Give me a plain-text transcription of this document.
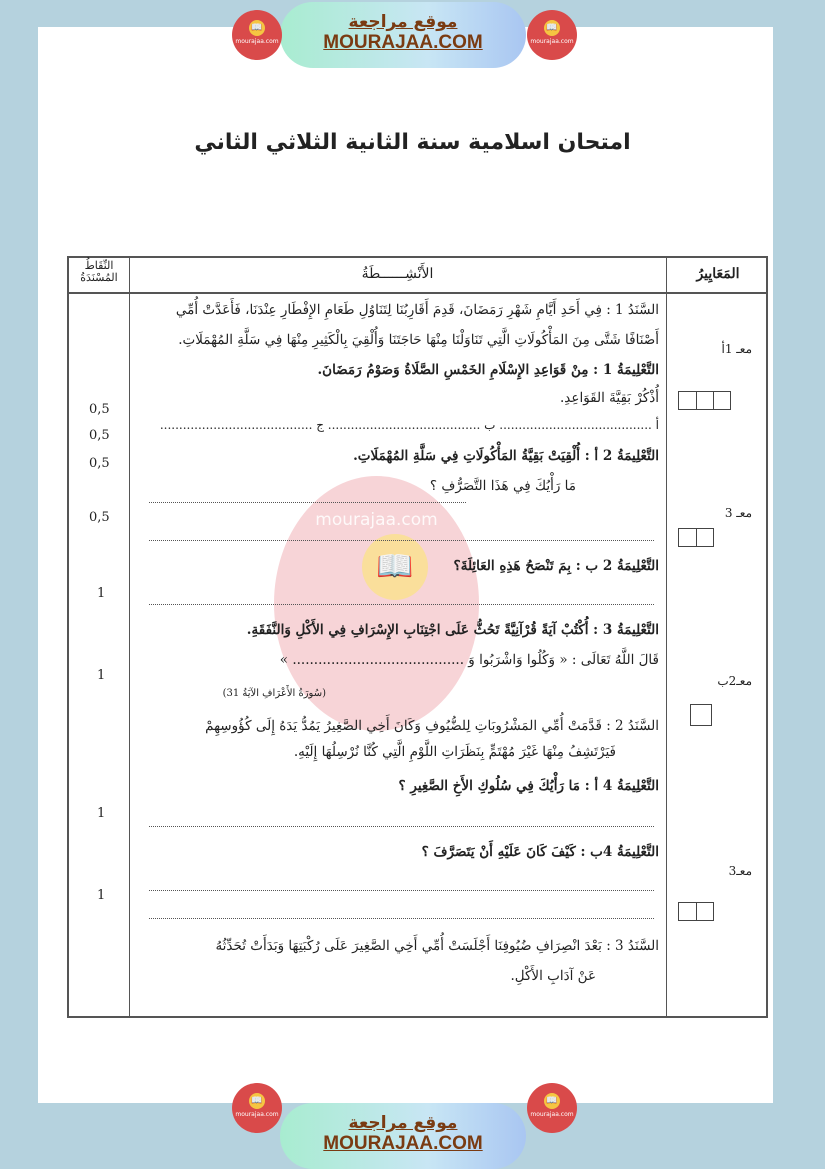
موقع مراجعة
MOURAJAA.COM
📖
mourajaa.com
📖
mourajaa.com
امتحان اسلامية سنة الثانية الثلاثي الثاني
📖
mourajaa.com
النِّقَاطُ المُسْنَدَةُ	الأَنْشِــــــطَةُ	المَعَايِيرُ
السَّنَدُ 1 : فِي أَحَدِ أَيَّامِ شَهْرِ رَمَضَانَ، قَدِمَ أَقَارِبُنَا لِتَنَاوُلِ طَعَامِ الإِفْطَارِ عِنْدَنَا، فَأَعَدَّتْ أُمِّي
أَصْنَافًا شَتَّى مِنَ المَأْكُولَاتِ الَّتِي تَنَاوَلْنَا مِنْهَا حَاجَتَنَا وَأُلْقِيَ بِالْكَثِيرِ مِنْهَا فِي سَلَّةِ المُهْمَلَاتِ.
التَّعْلِيمَةُ 1 : مِنْ قَوَاعِدِ الإِسْلَامِ الخَمْسِ الصَّلَاةُ وَصَوْمُ رَمَضَانَ.
أُذْكُرْ بَقِيَّةَ القَوَاعِدِ.
أ ........................................ ب ........................................ ج ........................................
التَّعْلِيمَةُ 2 أ : أُلْقِيَتْ بَقِيَّةُ المَأْكُولَاتِ فِي سَلَّةِ المُهْمَلَاتِ.
مَا رَأْيُكَ فِي هَذَا التَّصَرُّفِ ؟
التَّعْلِيمَةُ 2 ب : بِمَ تَنْصَحُ هَذِهِ العَائِلَةَ؟
التَّعْلِيمَةُ 3 : أُكْتُبْ آيَةً قُرْآنِيَّةً تَحُثُّ عَلَى اجْتِنَابِ الإِسْرَافِ فِي الأَكْلِ وَالنَّفَقَةِ.
قَالَ اللَّهُ تَعَالَى : « وَكُلُوا وَاشْرَبُوا وَ ........................................ »
(سُورَةُ الأَعْرَافِ الآيَةُ 31)
السَّنَدُ 2 : قَدَّمَتْ أُمِّي المَشْرُوبَاتِ لِلضُّيُوفِ وَكَانَ أَخِي الصَّغِيرُ يَمُدُّ يَدَهُ إِلَى كُؤُوسِهِمْ
فَيَرْتَشِفُ مِنْهَا غَيْرَ مُهْتَمٍّ بِنَظَرَاتِ اللَّوْمِ الَّتِي كُنَّا نُرْسِلُهَا إِلَيْهِ.
التَّعْلِيمَةُ 4 أ : مَا رَأْيُكَ فِي سُلُوكِ الأَخِ الصَّغِيرِ ؟
التَّعْلِيمَةُ 4ب : كَيْفَ كَانَ عَلَيْهِ أَنْ يَتَصَرَّفَ ؟
السَّنَدُ 3 : بَعْدَ انْصِرَافِ ضُيُوفِنَا أَجْلَسَتْ أُمِّي أَخِي الصَّغِيرَ عَلَى رُكْبَتِهَا وَبَدَأَتْ تُحَدِّثُهُ
عَنْ آدَابِ الأَكْلِ.
0,5
0,5
0,5
0,5
1
1
1
1
معـ 1أ
معـ 3
معـ2ب
معـ3
موقع مراجعة
MOURAJAA.COM
📖
mourajaa.com
📖
mourajaa.com
